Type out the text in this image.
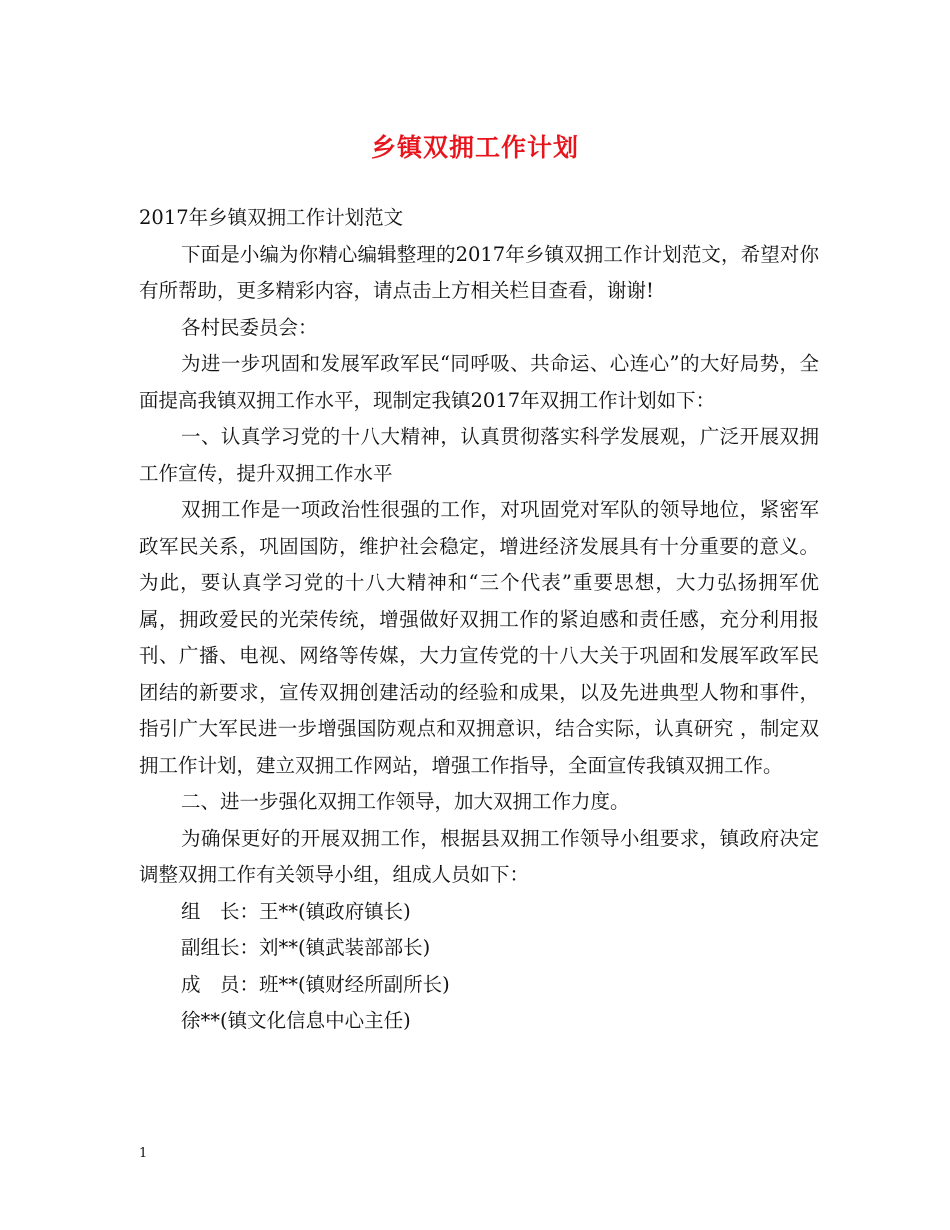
乡镇双拥工作计划

2017年乡镇双拥工作计划范文

下面是小编为你精心编辑整理的2017年乡镇双拥工作计划范文，希望对你有所帮助，更多精彩内容，请点击上方相关栏目查看，谢谢!

各村民委员会：

为进一步巩固和发展军政军民“同呼吸、共命运、心连心”的大好局势，全面提高我镇双拥工作水平，现制定我镇2017年双拥工作计划如下：

一、认真学习党的十八大精神，认真贯彻落实科学发展观，广泛开展双拥工作宣传，提升双拥工作水平

双拥工作是一项政治性很强的工作，对巩固党对军队的领导地位，紧密军政军民关系，巩固国防，维护社会稳定，增进经济发展具有十分重要的意义。为此，要认真学习党的十八大精神和“三个代表”重要思想，大力弘扬拥军优属，拥政爱民的光荣传统，增强做好双拥工作的紧迫感和责任感，充分利用报刊、广播、电视、网络等传媒，大力宣传党的十八大关于巩固和发展军政军民团结的新要求，宣传双拥创建活动的经验和成果，以及先进典型人物和事件，指引广大军民进一步增强国防观点和双拥意识，结合实际，认真研究 ，制定双拥工作计划，建立双拥工作网站，增强工作指导，全面宣传我镇双拥工作。

二、进一步强化双拥工作领导，加大双拥工作力度。

为确保更好的开展双拥工作，根据县双拥工作领导小组要求，镇政府决定调整双拥工作有关领导小组，组成人员如下：

组　长：王**(镇政府镇长)

副组长：刘**(镇武装部部长)

成　员：班**(镇财经所副所长)

徐**(镇文化信息中心主任)

1
